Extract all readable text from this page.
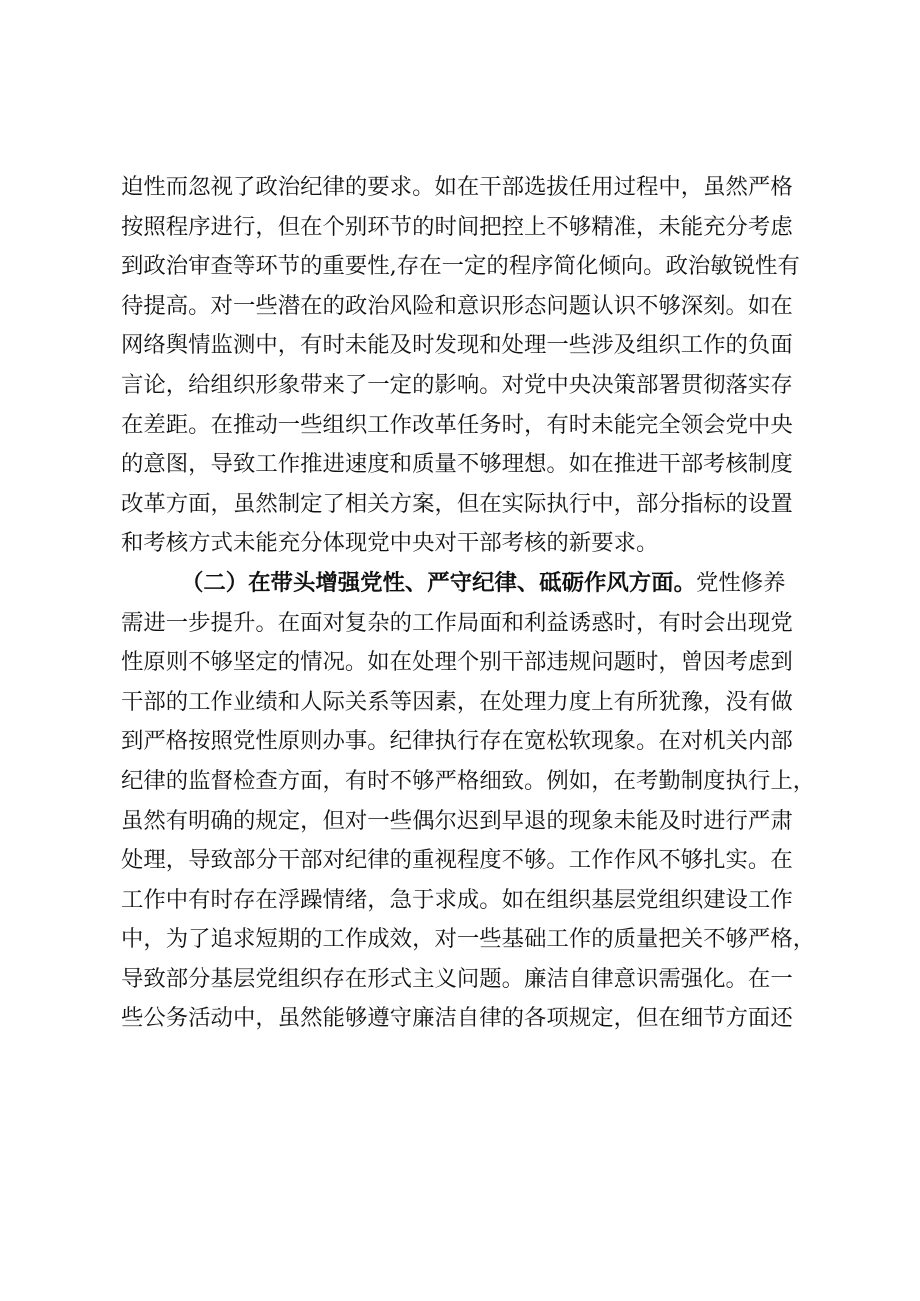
迫性而忽视了政治纪律的要求。如在干部选拔任用过程中，虽然严格
按照程序进行，但在个别环节的时间把控上不够精准，未能充分考虑
到政治审查等环节的重要性,存在一定的程序简化倾向。政治敏锐性有
待提高。对一些潜在的政治风险和意识形态问题认识不够深刻。如在
网络舆情监测中，有时未能及时发现和处理一些涉及组织工作的负面
言论，给组织形象带来了一定的影响。对党中央决策部署贯彻落实存
在差距。在推动一些组织工作改革任务时，有时未能完全领会党中央
的意图，导致工作推进速度和质量不够理想。如在推进干部考核制度
改革方面，虽然制定了相关方案，但在实际执行中，部分指标的设置
和考核方式未能充分体现党中央对干部考核的新要求。
（二）在带头增强党性、严守纪律、砥砺作风方面。党性修养
需进一步提升。在面对复杂的工作局面和利益诱惑时，有时会出现党
性原则不够坚定的情况。如在处理个别干部违规问题时，曾因考虑到
干部的工作业绩和人际关系等因素，在处理力度上有所犹豫，没有做
到严格按照党性原则办事。纪律执行存在宽松软现象。在对机关内部
纪律的监督检查方面，有时不够严格细致。例如，在考勤制度执行上，
虽然有明确的规定，但对一些偶尔迟到早退的现象未能及时进行严肃
处理，导致部分干部对纪律的重视程度不够。工作作风不够扎实。在
工作中有时存在浮躁情绪，急于求成。如在组织基层党组织建设工作
中，为了追求短期的工作成效，对一些基础工作的质量把关不够严格，
导致部分基层党组织存在形式主义问题。廉洁自律意识需强化。在一
些公务活动中，虽然能够遵守廉洁自律的各项规定，但在细节方面还
